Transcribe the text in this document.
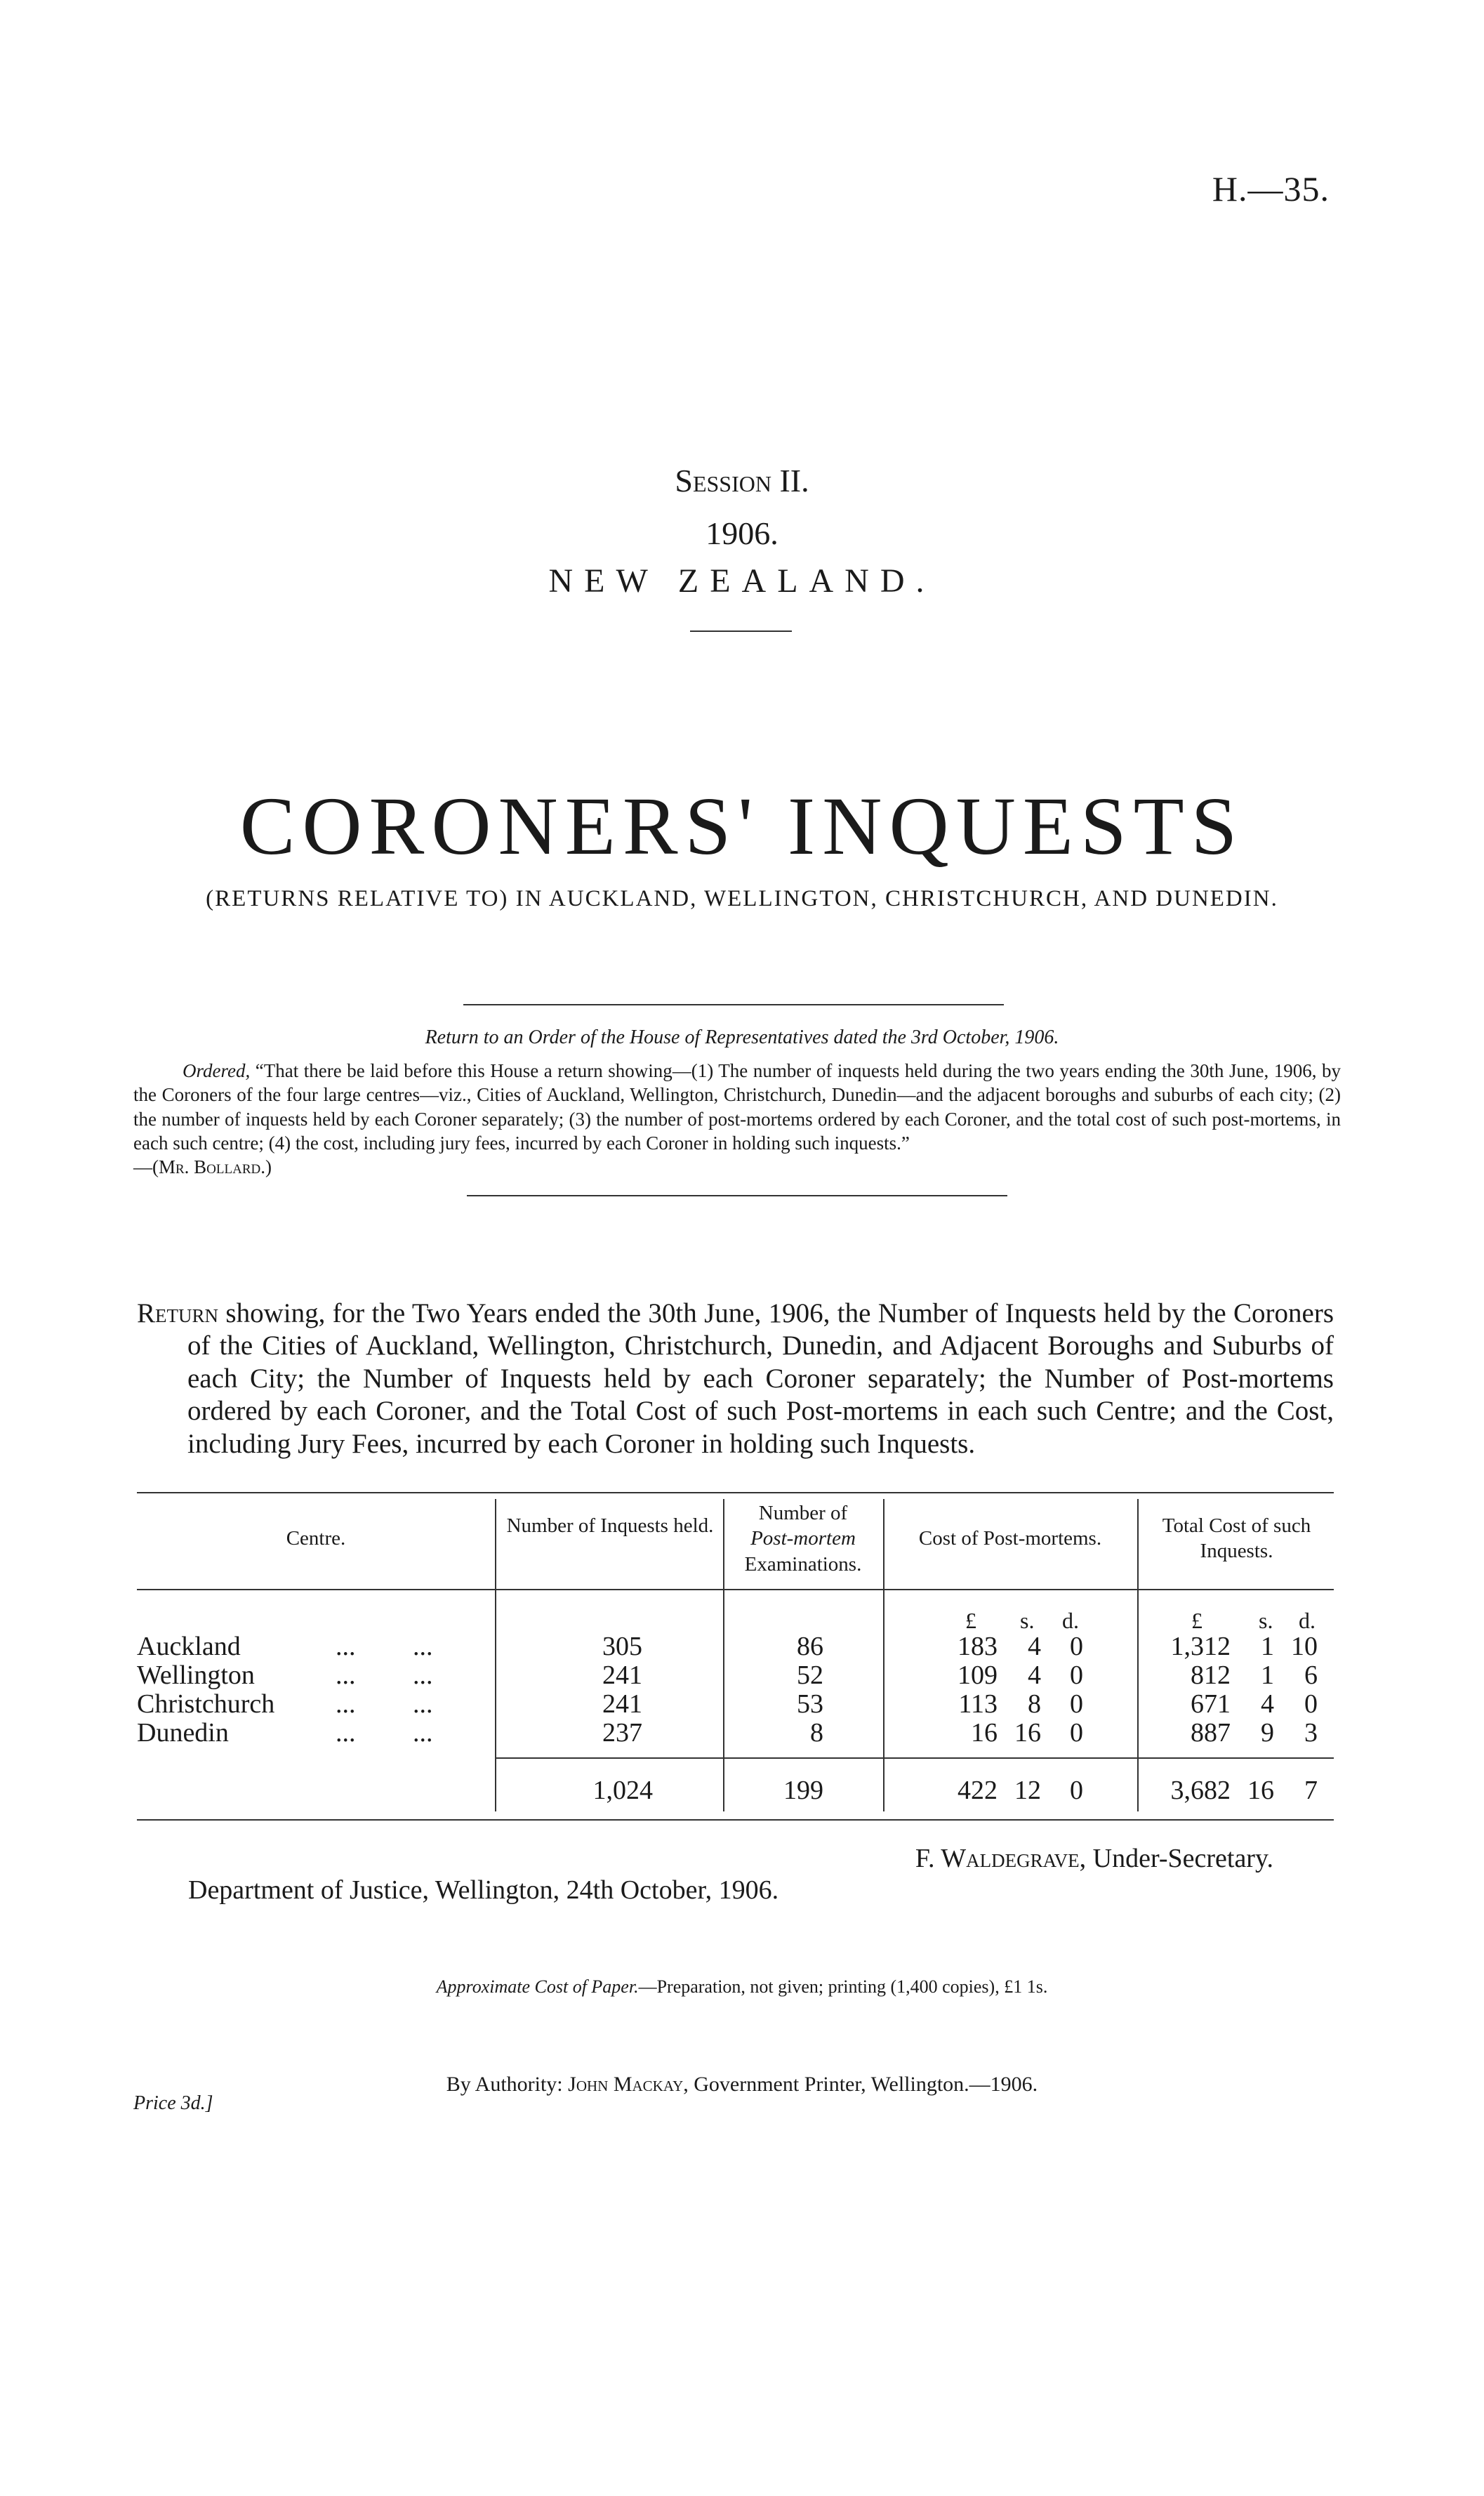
H.—35.
Session II.
1906.
NEW ZEALAND.
CORONERS' INQUESTS
(RETURNS RELATIVE TO) IN AUCKLAND, WELLINGTON, CHRISTCHURCH, AND DUNEDIN.
Return to an Order of the House of Representatives dated the 3rd October, 1906.
Ordered, “That there be laid before this House a return showing—(1) The number of inquests held during the two years ending the 30th June, 1906, by the Coroners of the four large centres—viz., Cities of Auckland, Wellington, Christchurch, Dunedin—and the adjacent boroughs and suburbs of each city; (2) the number of inquests held by each Coroner separately; (3) the number of post-mortems ordered by each Coroner, and the total cost of such post-mortems, in each such centre; (4) the cost, including jury fees, incurred by each Coroner in holding such inquests.”
—(Mr. Bollard.)
Return showing, for the Two Years ended the 30th June, 1906, the Number of Inquests held by the Coroners of the Cities of Auckland, Wellington, Christchurch, Dunedin, and Adjacent Boroughs and Suburbs of each City; the Number of Inquests held by each Coroner separately; the Number of Post-mortems ordered by each Coroner, and the Total Cost of such Post-mortems in each such Centre; and the Cost, including Jury Fees, incurred by each Coroner in holding such Inquests.
Centre.
Number of Inquests held.
Number of
Post-mortem
Examinations.
Cost of Post-mortems.
Total Cost of such Inquests.
£ s. d.	£	s. d.
Auckland	... ...	305	86	183	4	0	1,312	1 10
Wellington	... ...	241	52	109	4	0	812	1	6
Christchurch ... ...	241	53	113	8	0	671	4	0
Dunedin	... ...	237	8	16 16	0	887	9	3
1,024	199	422 12	0	3,682 16	7
F. Waldegrave, Under-Secretary.
Department of Justice, Wellington, 24th October, 1906.
Approximate Cost of Paper.—Preparation, not given; printing (1,400 copies), £1 1s.
By Authority: John Mackay, Government Printer, Wellington.—1906.
Price 3d.]
